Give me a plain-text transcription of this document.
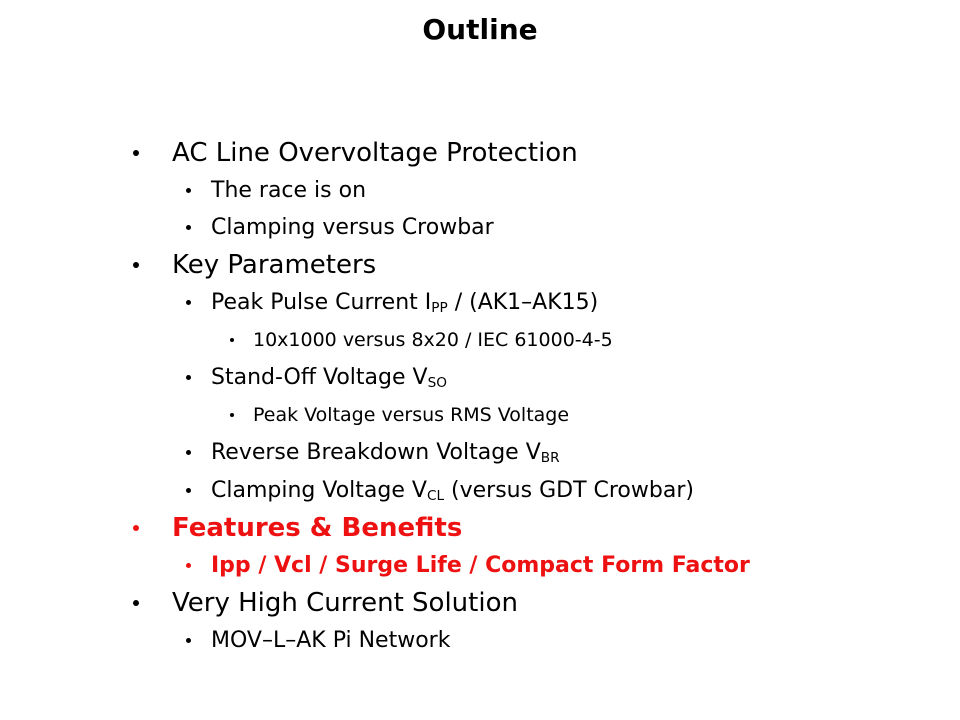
Outline
AC Line Overvoltage Protection
The race is on
Clamping versus Crowbar
Key Parameters
Peak Pulse Current $I_{PP} / (AK1-AK15)$
10x1000 versus 8x20 / IEC 61000-4-5
Stand-Off Voltage $V_{SO}$
Peak Voltage versus RMS Voltage
Reverse Breakdown Voltage $V_{BR}$
Clamping Voltage $V_{CL}$ (versus GDT Crowbar)
Features & Benefits
Ipp / Vcl / Surge Life / Compact Form Factor
Very High Current Solution
MOV–L–AK Pi Network
